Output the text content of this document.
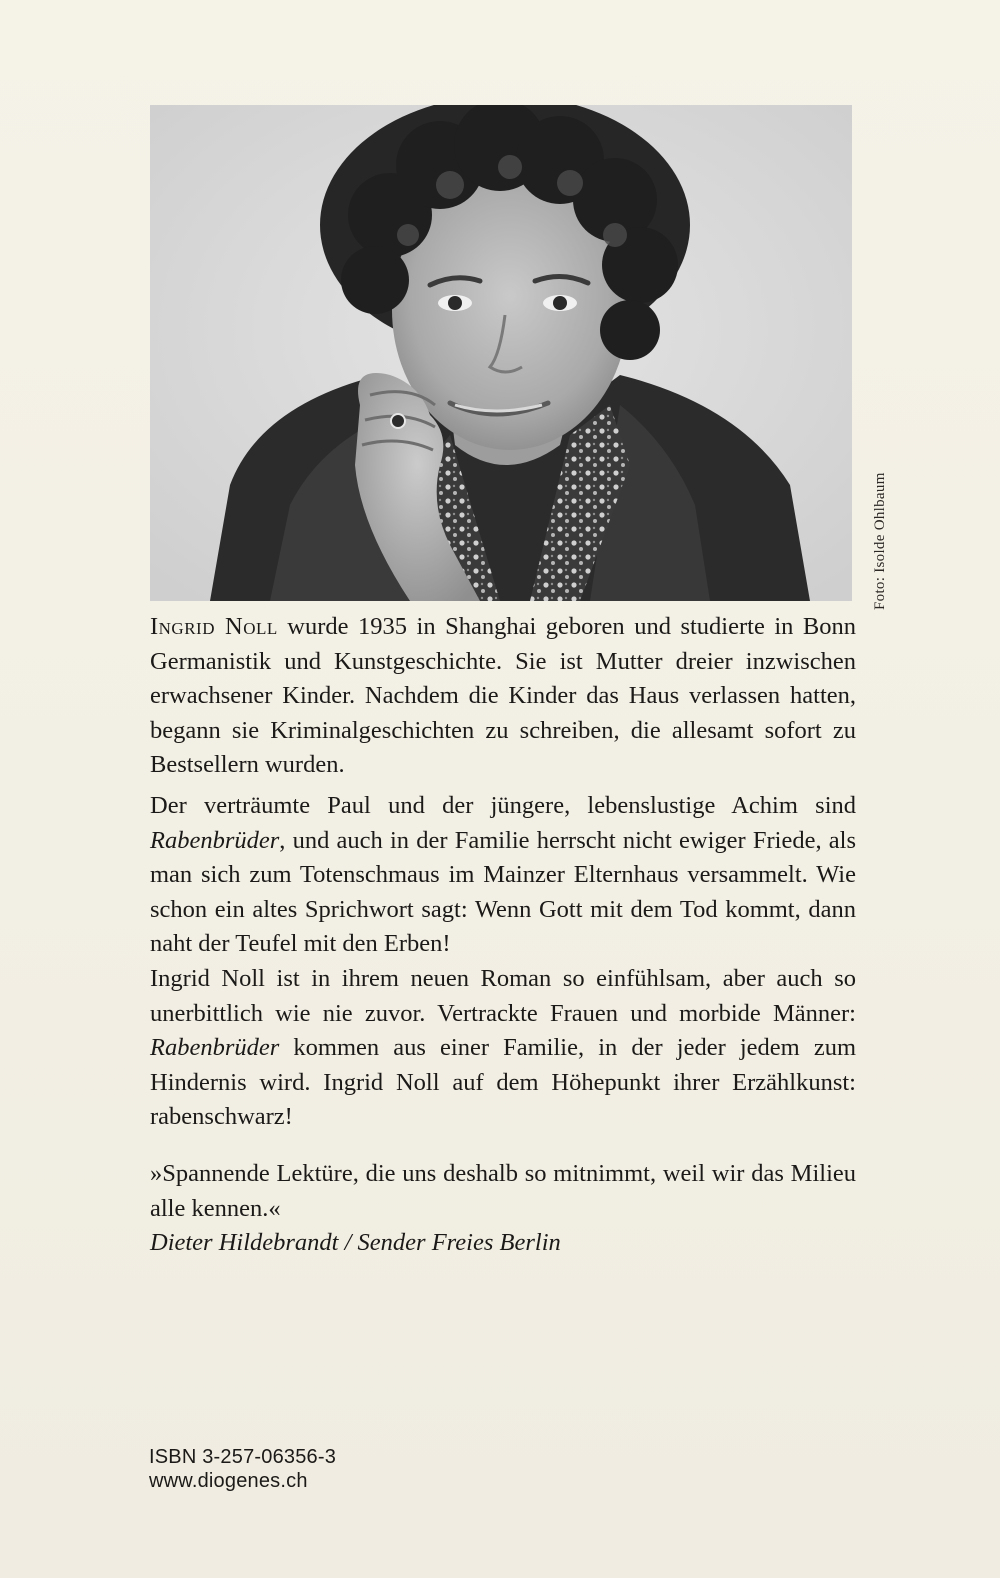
Foto: Isolde Ohlbaum

Ingrid Noll wurde 1935 in Shanghai geboren und studierte in Bonn Germanistik und Kunstgeschichte. Sie ist Mutter dreier inzwischen erwachsener Kinder. Nachdem die Kinder das Haus verlassen hatten, begann sie Kriminalgeschichten zu schreiben, die allesamt sofort zu Bestsellern wurden.

Der verträumte Paul und der jüngere, lebenslustige Achim sind Rabenbrüder, und auch in der Familie herrscht nicht ewiger Friede, als man sich zum Totenschmaus im Mainzer Elternhaus versammelt. Wie schon ein altes Sprichwort sagt: Wenn Gott mit dem Tod kommt, dann naht der Teufel mit den Erben!

Ingrid Noll ist in ihrem neuen Roman so einfühlsam, aber auch so unerbittlich wie nie zuvor. Vertrackte Frauen und morbide Männer: Rabenbrüder kommen aus einer Familie, in der jeder jedem zum Hindernis wird. Ingrid Noll auf dem Höhepunkt ihrer Erzählkunst: rabenschwarz!

»Spannende Lektüre, die uns deshalb so mitnimmt, weil wir das Milieu alle kennen.«

Dieter Hildebrandt / Sender Freies Berlin

ISBN 3-257-06356-3
www.diogenes.ch
